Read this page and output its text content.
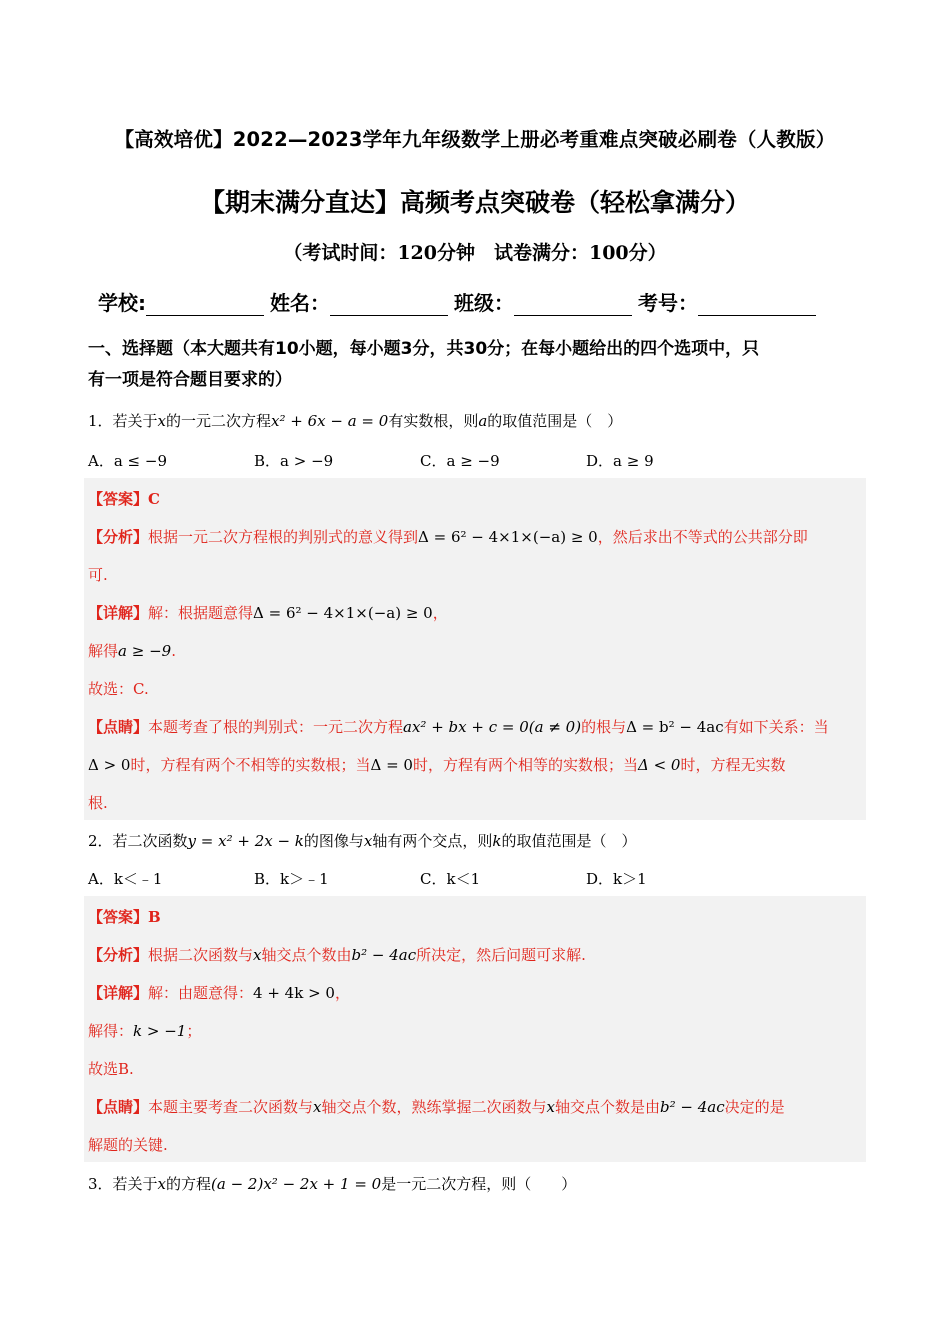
【高效培优】2022—2023学年九年级数学上册必考重难点突破必刷卷（人教版）
【期末满分直达】高频考点突破卷（轻松拿满分）
（考试时间：120分钟　试卷满分：100分）
学校:	姓名：	班级：	考号：
一、选择题（本大题共有10小题，每小题3分，共30分；在每小题给出的四个选项中，只
有一项是符合题目要求的）
1．若关于x的一元二次方程x² + 6x − a = 0有实数根，则a的取值范围是（　）
A．a ≤ −9	B．a > −9	C．a ≥ −9	D．a ≥ 9
【答案】C
【分析】根据一元二次方程根的判别式的意义得到Δ = 6² − 4×1×(−a) ≥ 0，然后求出不等式的公共部分即
可.
【详解】解：根据题意得Δ = 6² − 4×1×(−a) ≥ 0，
解得a ≥ −9.
故选：C.
【点睛】本题考查了根的判别式：一元二次方程ax² + bx + c = 0(a ≠ 0)的根与Δ = b² − 4ac有如下关系：当
Δ > 0时，方程有两个不相等的实数根；当Δ = 0时，方程有两个相等的实数根；当Δ < 0时，方程无实数
根.
2．若二次函数y = x² + 2x − k的图像与x轴有两个交点，则k的取值范围是（　）
A．k＜﹣1	B．k＞﹣1	C．k＜1	D．k＞1
【答案】B
【分析】根据二次函数与x轴交点个数由b² − 4ac所决定，然后问题可求解.
【详解】解：由题意得：4 + 4k > 0，
解得：k > −1；
故选B.
【点睛】本题主要考查二次函数与x轴交点个数，熟练掌握二次函数与x轴交点个数是由b² − 4ac决定的是
解题的关键.
3．若关于x的方程(a − 2)x² − 2x + 1 = 0是一元二次方程，则（　　）
